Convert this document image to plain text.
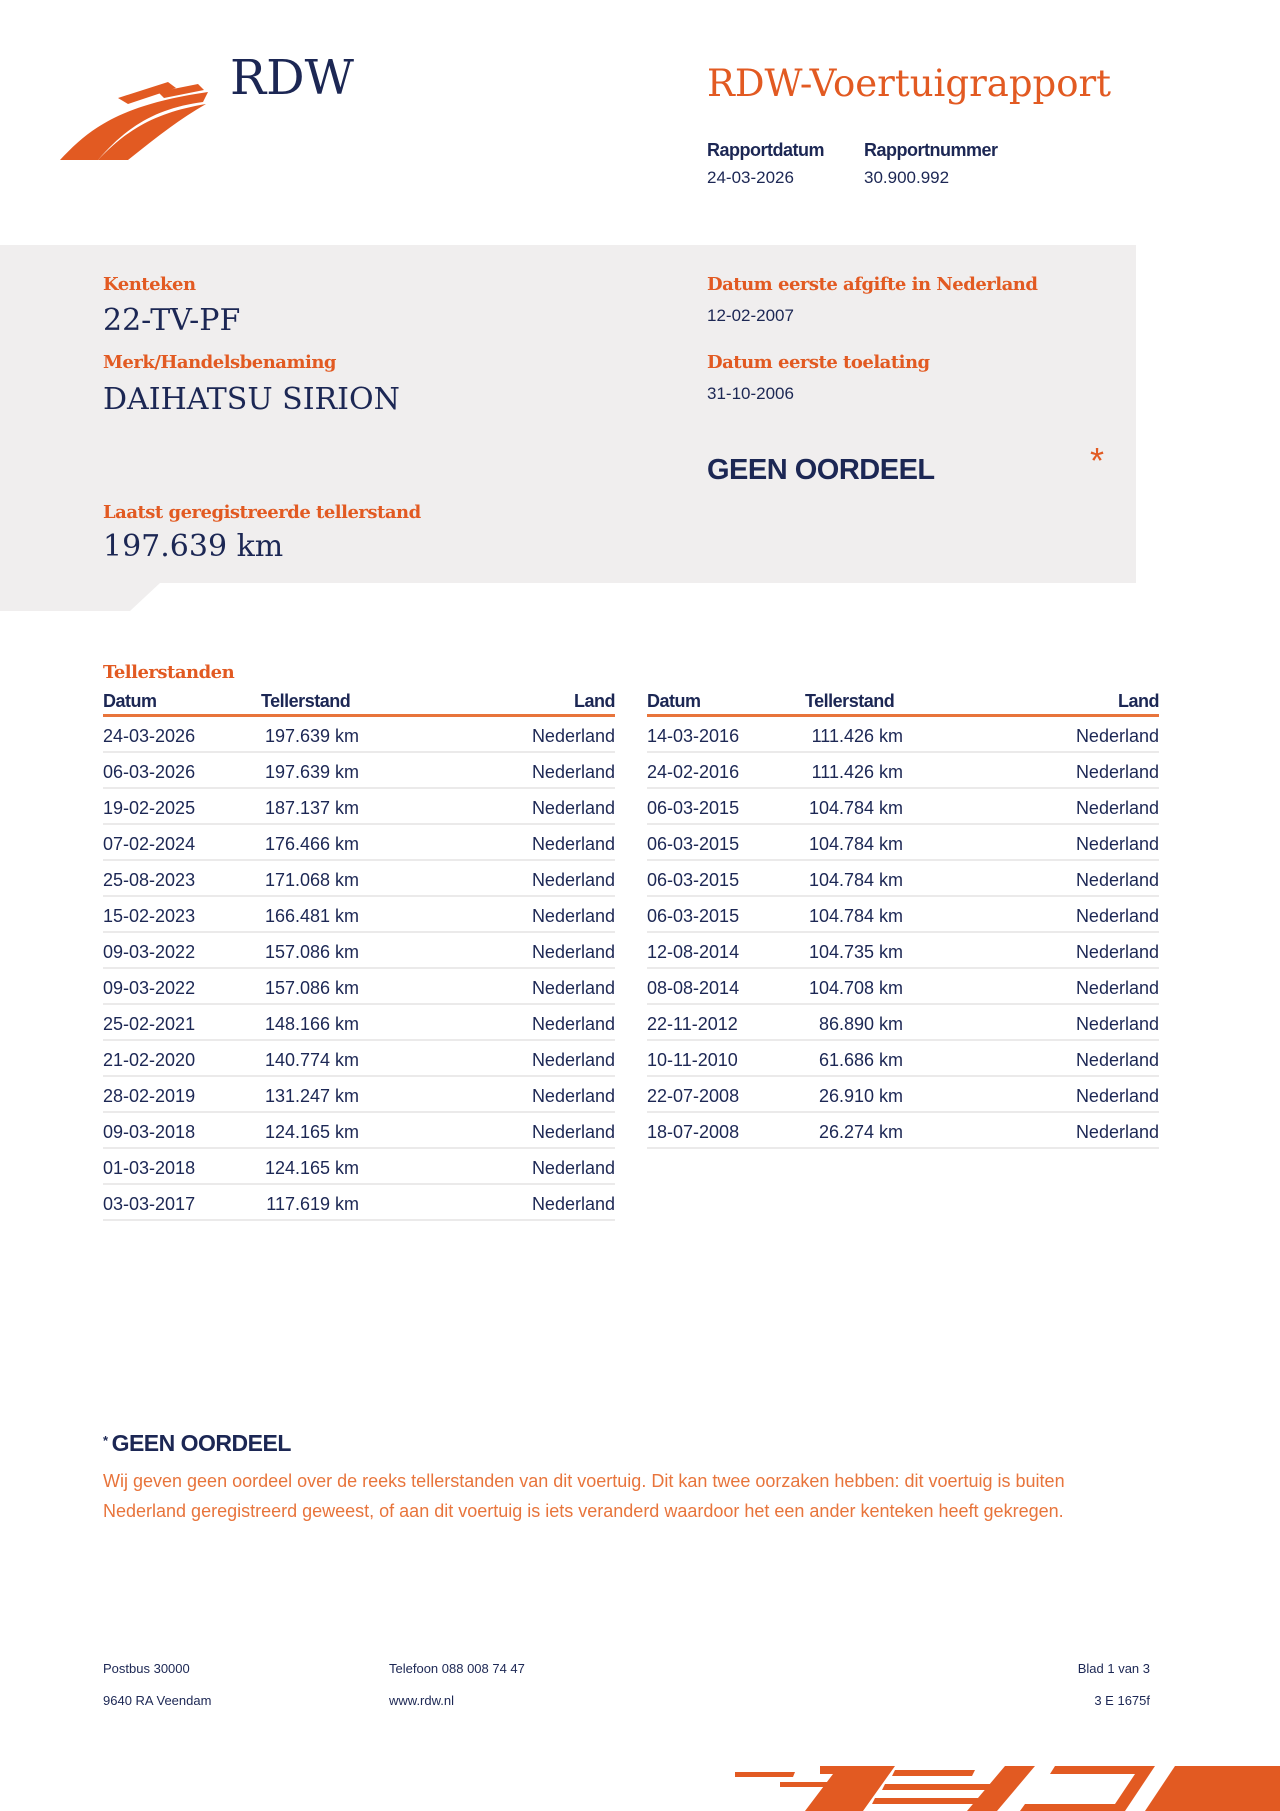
RDW	RDW-Voertuigrapport
Rapportdatum
24-03-2026
Rapportnummer
30.900.992
Kenteken
22-TV-PF
Merk/Handelsbenaming
DAIHATSU SIRION
Datum eerste afgifte in Nederland
12-02-2007
Datum eerste toelating
31-10-2006
GEEN OORDEEL	*
Laatst geregistreerde tellerstand
197.639 km
Tellerstanden
Datum	Tellerstand	Land
24-03-2026	197.639 km	Nederland
06-03-2026	197.639 km	Nederland
19-02-2025	187.137 km	Nederland
07-02-2024	176.466 km	Nederland
25-08-2023	171.068 km	Nederland
15-02-2023	166.481 km	Nederland
09-03-2022	157.086 km	Nederland
09-03-2022	157.086 km	Nederland
25-02-2021	148.166 km	Nederland
21-02-2020	140.774 km	Nederland
28-02-2019	131.247 km	Nederland
09-03-2018	124.165 km	Nederland
01-03-2018	124.165 km	Nederland
03-03-2017	117.619 km	Nederland
Datum	Tellerstand	Land
14-03-2016	111.426 km	Nederland
24-02-2016	111.426 km	Nederland
06-03-2015	104.784 km	Nederland
06-03-2015	104.784 km	Nederland
06-03-2015	104.784 km	Nederland
06-03-2015	104.784 km	Nederland
12-08-2014	104.735 km	Nederland
08-08-2014	104.708 km	Nederland
22-11-2012	86.890 km	Nederland
10-11-2010	61.686 km	Nederland
22-07-2008	26.910 km	Nederland
18-07-2008	26.274 km	Nederland
* GEEN OORDEEL
Wij geven geen oordeel over de reeks tellerstanden van dit voertuig. Dit kan twee oorzaken hebben: dit voertuig is buiten Nederland geregistreerd geweest, of aan dit voertuig is iets veranderd waardoor het een ander kenteken heeft gekregen.
Postbus 30000
9640 RA Veendam
Telefoon 088 008 74 47
www.rdw.nl
Blad 1 van 3
3 E 1675f
